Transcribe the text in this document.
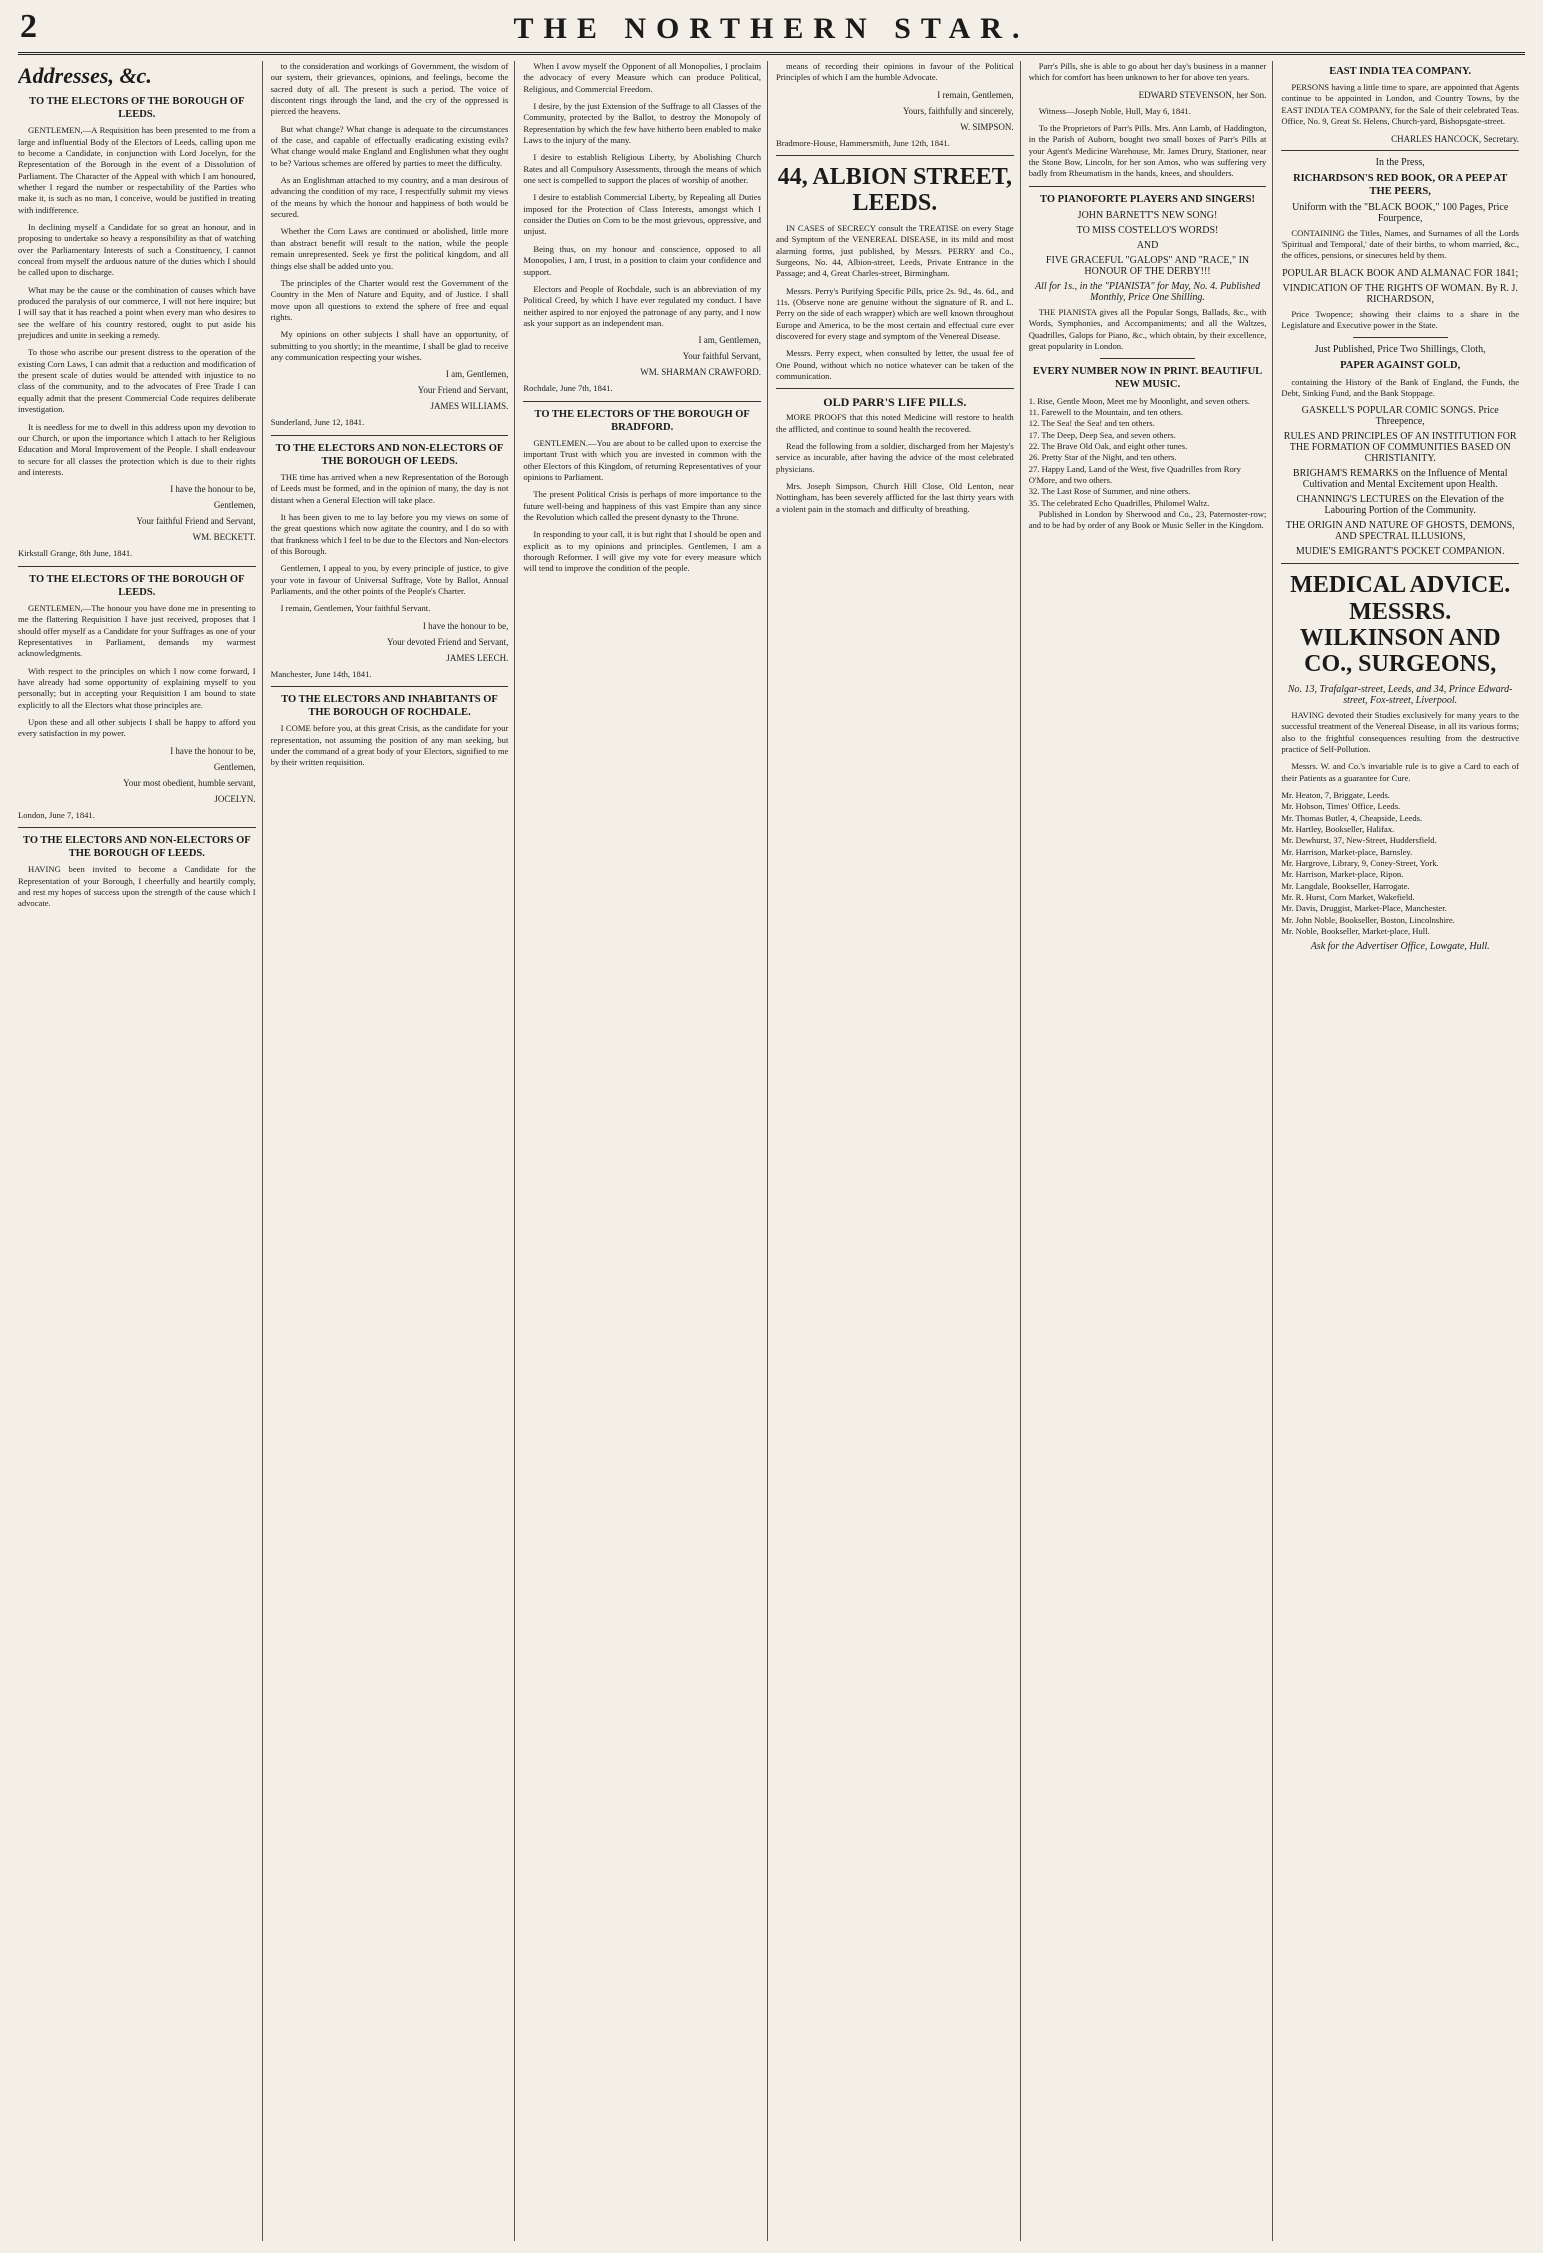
2	THE NORTHERN STAR.
Addresses, &c.
TO THE ELECTORS OF THE BOROUGH OF LEEDS.

GENTLEMEN,—A Requisition has been presented to me from a large and influential Body of the Electors of Leeds, calling upon me to become a Candidate, in conjunction with Lord Jocelyn, for the Representation of the Borough in the event of a Dissolution of Parliament. The Character of the Appeal with which I am honoured, whether I regard the number or respectability of the Parties who make it, is such as no man, I conceive, would be justified in treating with indifference.

In declining myself a Candidate for so great an honour, and in proposing to undertake so heavy a responsibility as that of watching over the Parliamentary Interests of such a Constituency, I cannot conceal from myself the arduous nature of the duties which I should be called upon to discharge.

What may be the cause or the combination of causes which have produced the paralysis of our commerce, I will not here inquire; but I will say that it has reached a point when every man who desires to see the welfare of his country restored, ought to put aside his prejudices and unite in seeking a remedy.

To those who ascribe our present distress to the operation of the existing Corn Laws, I can admit that a reduction and modification of the present scale of duties would be attended with injustice to no class of the community, and to the advocates of Free Trade I can equally admit that the present Commercial Code requires deliberate investigation.

It is needless for me to dwell in this address upon my devotion to our Church, or upon the importance which I attach to her Religious Education and Moral Improvement of the People. I shall endeavour to secure for all classes the protection which is due to their rights and interests.

I have the honour to be,
Gentlemen,
Your faithful Friend and Servant,
WM. BECKETT.
Kirkstall Grange, 8th June, 1841.
TO THE ELECTORS OF THE BOROUGH OF LEEDS.

GENTLEMEN,—The honour you have done me in presenting to me the flattering Requisition I have just received, proposes that I should offer myself as a Candidate for your Suffrages as one of your Representatives in Parliament, demands my warmest acknowledgments.

With respect to the principles on which I now come forward, I have already had some opportunity of explaining myself to you personally; but in accepting your Requisition I am bound to state explicitly to all the Electors what those principles are.

Upon these and all other subjects I shall be happy to afford you every satisfaction in my power.

I have the honour to be,
Gentlemen,
Your most obedient, humble servant,
JOCELYN.
London, June 7, 1841.
TO THE ELECTORS AND NON-ELECTORS OF THE BOROUGH OF LEEDS.

HAVING been invited to become a Candidate for the Representation of your Borough, I cheerfully and heartily comply, and rest my hopes of success upon the strength of the cause which I advocate.

to the consideration and workings of Government, the wisdom of our system, their grievances, opinions, and feelings, become the sacred duty of all. The present is such a period. The voice of discontent rings through the land, and the cry of the oppressed is pierced the heavens.

But what change? What change is adequate to the circumstances of the case, and capable of effectually eradicating existing evils? What change would make England and Englishmen what they ought to be? Various schemes are offered by parties to meet the difficulty.

As an Englishman attached to my country, and a man desirous of advancing the condition of my race, I respectfully submit my views of the means by which the honour and happiness of both would be secured.

Whether the Corn Laws are continued or abolished, little more than abstract benefit will result to the nation, while the people remain unrepresented. Seek ye first the political kingdom, and all things else shall be added unto you.

The principles of the Charter would rest the Government of the Country in the Men of Nature and Equity, and of Justice. I shall move upon all questions to extend the sphere of free and equal rights.

My opinions on other subjects I shall have an opportunity, of submitting to you shortly; in the meantime, I shall be glad to receive any communication respecting your wishes.

I am, Gentlemen,
Your Friend and Servant,
JAMES WILLIAMS.
Sunderland, June 12, 1841.
TO THE ELECTORS AND NON-ELECTORS OF THE BOROUGH OF LEEDS.

THE time has arrived when a new Representation of the Borough of Leeds must be formed, and in the opinion of many, the day is not distant when a General Election will take place.

It has been given to me to lay before you my views on some of the great questions which now agitate the country, and I do so with that frankness which I feel to be due to the Electors and Non-electors of this Borough.

Gentlemen, I appeal to you, by every principle of justice, to give your vote in favour of Universal Suffrage, Vote by Ballot, Annual Parliaments, and the other points of the People's Charter.

I remain, Gentlemen, Your faithful Servant.

I have the honour to be,
Your devoted Friend and Servant,
JAMES LEECH.
Manchester, June 14th, 1841.
TO THE ELECTORS AND INHABITANTS OF THE BOROUGH OF ROCHDALE.

I COME before you, at this great Crisis, as the candidate for your representation, not assuming the position of any man seeking, but under the command of a great body of your Electors, signified to me by their written requisition.

When I avow myself the Opponent of all Monopolies, I proclaim the advocacy of every Measure which can produce Political, Religious, and Commercial Freedom.

I desire, by the just Extension of the Suffrage to all Classes of the Community, protected by the Ballot, to destroy the Monopoly of Representation by which the few have hitherto been enabled to make Laws to the injury of the many.

I desire to establish Religious Liberty, by Abolishing Church Rates and all Compulsory Assessments, through the means of which one sect is compelled to support the places of worship of another.

I desire to establish Commercial Liberty, by Repealing all Duties imposed for the Protection of Class Interests, amongst which I consider the Duties on Corn to be the most grievous, oppressive, and unjust.

Being thus, on my honour and conscience, opposed to all Monopolies, I am, I trust, in a position to claim your confidence and support.

Electors and People of Rochdale, such is an abbreviation of my Political Creed, by which I have ever regulated my conduct. I have neither aspired to nor enjoyed the patronage of any party, and I now ask your support as an independent man.

I am, Gentlemen,
Your faithful Servant,
WM. SHARMAN CRAWFORD.
Rochdale, June 7th, 1841.
TO THE ELECTORS OF THE BOROUGH OF BRADFORD.

GENTLEMEN.—You are about to be called upon to exercise the important Trust with which you are invested in common with the other Electors of this Kingdom, of returning Representatives of your opinions to Parliament.

The present Political Crisis is perhaps of more importance to the future well-being and happiness of this vast Empire than any since the Revolution which called the present dynasty to the Throne.

In responding to your call, it is but right that I should be open and explicit as to my opinions and principles. Gentlemen, I am a thorough Reformer. I will give my vote for every measure which will tend to improve the condition of the people.

means of recording their opinions in favour of the Political Principles of which I am the humble Advocate.

I remain, Gentlemen,
Yours, faithfully and sincerely,
W. SIMPSON.
Bradmore-House, Hammersmith, June 12th, 1841.
44, ALBION STREET, LEEDS.

IN CASES of SECRECY consult the TREATISE on every Stage and Symptom of the VENEREAL DISEASE, in its mild and most alarming forms, just published, by Messrs. PERRY and Co., Surgeons, No. 44, Albion-street, Leeds, Private Entrance in the Passage; and 4, Great Charles-street, Birmingham.

Messrs. Perry's Purifying Specific Pills, price 2s. 9d., 4s. 6d., and 11s. (Observe none are genuine without the signature of R. and L. Perry on the side of each wrapper) which are well known throughout Europe and America, to be the most certain and effectual cure ever discovered for every stage and symptom of the Venereal Disease.

Messrs. Perry expect, when consulted by letter, the usual fee of One Pound, without which no notice whatever can be taken of the communication.

OLD PARR'S LIFE PILLS.

MORE PROOFS that this noted Medicine will restore to health the afflicted, and continue to sound health the recovered.

Read the following from a soldier, discharged from her Majesty's service as incurable, after having the advice of the most celebrated physicians.

Mrs. Joseph Simpson, Church Hill Close, Old Lenton, near Nottingham, has been severely afflicted for the last thirty years with a violent pain in the stomach and difficulty of breathing.

Parr's Pills, she is able to go about her day's business in a manner which for comfort has been unknown to her for above ten years.

EDWARD STEVENSON, her Son.

Witness—Joseph Noble, Hull, May 6, 1841.

To the Proprietors of Parr's Pills. Mrs. Ann Lamb, of Haddington, in the Parish of Auborn, bought two small boxes of Parr's Pills at your Agent's Medicine Warehouse, Mr. James Drury, Stationer, near the Stone Bow, Lincoln, for her son Amos, who was suffering very badly from Rheumatism in the hands, knees, and shoulders.

TO PIANOFORTE PLAYERS AND SINGERS!
JOHN BARNETT'S NEW SONG!
TO MISS COSTELLO'S WORDS!
AND
FIVE GRACEFUL "GALOPS" AND "RACE," IN HONOUR OF THE DERBY!!!
All for 1s., in the "PIANISTA" for May, No. 4. Published Monthly, Price One Shilling.

THE PIANISTA gives all the Popular Songs, Ballads, &c., with Words, Symphonies, and Accompaniments; and all the Waltzes, Quadrilles, Galops for Piano, &c., which obtain, by their excellence, great popularity in London.

EVERY NUMBER NOW IN PRINT. BEAUTIFUL NEW MUSIC.
1. Rise, Gentle Moon, Meet me by Moonlight, and seven others.
11. Farewell to the Mountain, and ten others.
12. The Sea! the Sea! and ten others.
17. The Deep, Deep Sea, and seven others.
22. The Brave Old Oak, and eight other tunes.
26. Pretty Star of the Night, and ten others.
27. Happy Land, Land of the West, five Quadrilles from Rory O'More, and two others.
32. The Last Rose of Summer, and nine others.
35. The celebrated Echo Quadrilles, Philomel Waltz.

Published in London by Sherwood and Co., 23, Paternoster-row; and to be had by order of any Book or Music Seller in the Kingdom.

EAST INDIA TEA COMPANY.

PERSONS having a little time to spare, are appointed that Agents continue to be appointed in London, and Country Towns, by the EAST INDIA TEA COMPANY, for the Sale of their celebrated Teas. Office, No. 9, Great St. Helens, Church-yard, Bishopsgate-street.

CHARLES HANCOCK, Secretary.
In the Press,
RICHARDSON'S RED BOOK, OR A PEEP AT THE PEERS,
Uniform with the "BLACK BOOK," 100 Pages, Price Fourpence,

CONTAINING the Titles, Names, and Surnames of all the Lords 'Spiritual and Temporal,' date of their births, to whom married, &c., the offices, pensions, or sinecures held by them.

POPULAR BLACK BOOK AND ALMANAC FOR 1841;
VINDICATION OF THE RIGHTS OF WOMAN. By R. J. RICHARDSON,

Price Twopence; showing their claims to a share in the Legislature and Executive power in the State.

Just Published, Price Two Shillings, Cloth,
PAPER AGAINST GOLD,

containing the History of the Bank of England, the Funds, the Debt, Sinking Fund, and the Bank Stoppage.

GASKELL'S POPULAR COMIC SONGS. Price Threepence,
RULES AND PRINCIPLES OF AN INSTITUTION FOR THE FORMATION OF COMMUNITIES BASED ON CHRISTIANITY.
BRIGHAM'S REMARKS on the Influence of Mental Cultivation and Mental Excitement upon Health.
CHANNING'S LECTURES on the Elevation of the Labouring Portion of the Community.
THE ORIGIN AND NATURE OF GHOSTS, DEMONS, AND SPECTRAL ILLUSIONS,
MUDIE'S EMIGRANT'S POCKET COMPANION.
MEDICAL ADVICE. MESSRS. WILKINSON AND CO., SURGEONS,
No. 13, Trafalgar-street, Leeds, and 34, Prince Edward-street, Fox-street, Liverpool.

HAVING devoted their Studies exclusively for many years to the successful treatment of the Venereal Disease, in all its various forms; also to the frightful consequences resulting from the destructive practice of Self-Pollution.

Messrs. W. and Co.'s invariable rule is to give a Card to each of their Patients as a guarantee for Cure.

Mr. Heaton, 7, Briggate, Leeds.
Mr. Hobson, Times' Office, Leeds.
Mr. Thomas Butler, 4, Cheapside, Leeds.
Mr. Hartley, Bookseller, Halifax.
Mr. Dewhurst, 37, New-Street, Huddersfield.
Mr. Harrison, Market-place, Barnsley.
Mr. Hargrove, Library, 9, Coney-Street, York.
Mr. Harrison, Market-place, Ripon.
Mr. Langdale, Bookseller, Harrogate.
Mr. R. Hurst, Corn Market, Wakefield.
Mr. Davis, Druggist, Market-Place, Manchester.
Mr. John Noble, Bookseller, Boston, Lincolnshire.
Mr. Noble, Bookseller, Market-place, Hull.
Ask for the Advertiser Office, Lowgate, Hull.
